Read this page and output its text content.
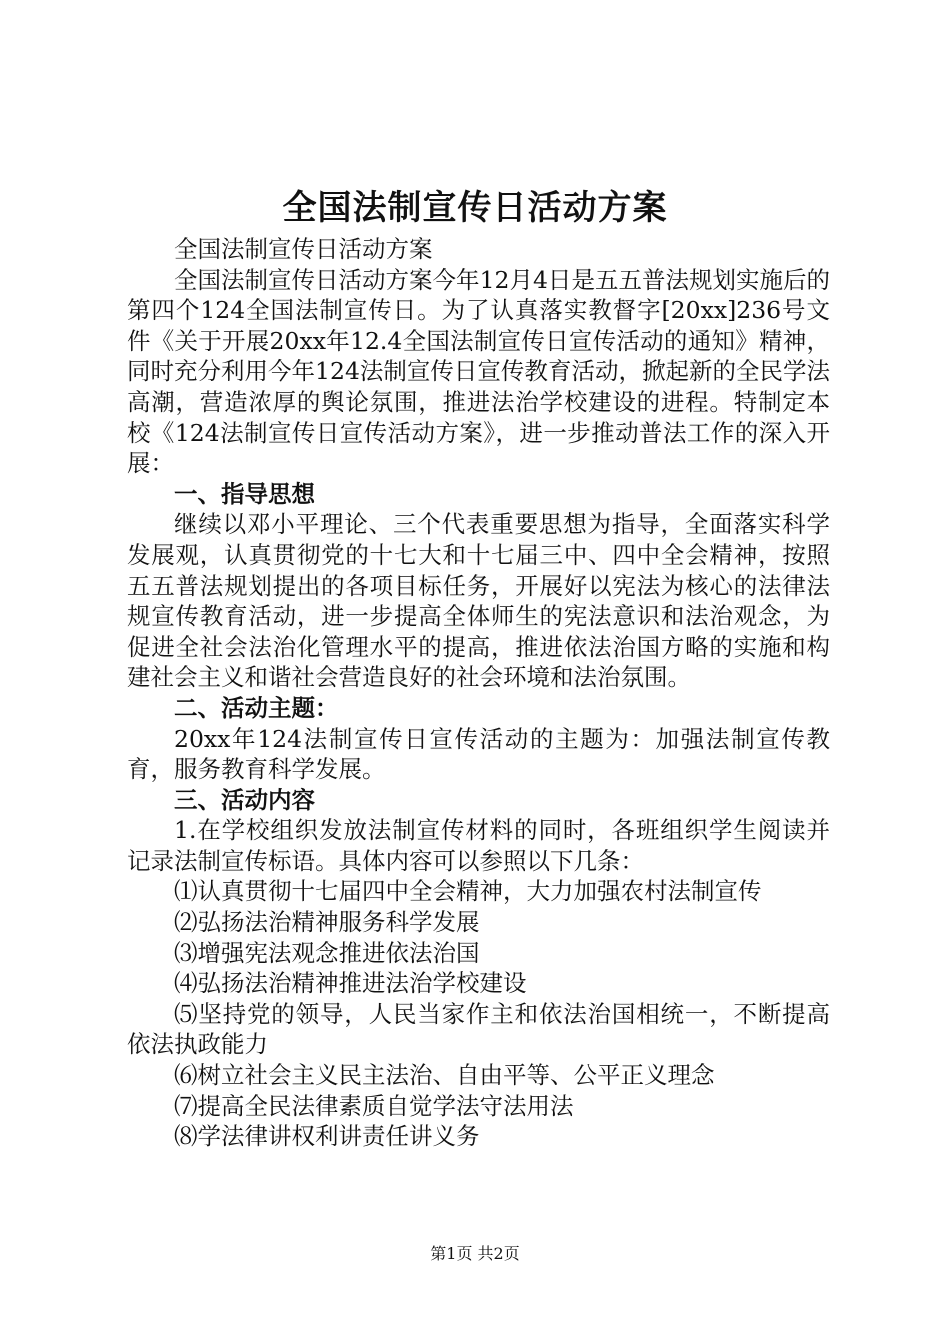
全国法制宣传日活动方案

全国法制宣传日活动方案

全国法制宣传日活动方案今年12月4日是五五普法规划实施后的第四个124全国法制宣传日。为了认真落实教督字[20xx]236号文件《关于开展20xx年12.4全国法制宣传日宣传活动的通知》精神，同时充分利用今年124法制宣传日宣传教育活动，掀起新的全民学法高潮，营造浓厚的舆论氛围，推进法治学校建设的进程。特制定本校《124法制宣传日宣传活动方案》，进一步推动普法工作的深入开展：

一、指导思想

继续以邓小平理论、三个代表重要思想为指导，全面落实科学发展观，认真贯彻党的十七大和十七届三中、四中全会精神，按照五五普法规划提出的各项目标任务，开展好以宪法为核心的法律法规宣传教育活动，进一步提高全体师生的宪法意识和法治观念，为促进全社会法治化管理水平的提高，推进依法治国方略的实施和构建社会主义和谐社会营造良好的社会环境和法治氛围。

二、活动主题：

20xx年124法制宣传日宣传活动的主题为：加强法制宣传教育，服务教育科学发展。

三、活动内容

1.在学校组织发放法制宣传材料的同时，各班组织学生阅读并记录法制宣传标语。具体内容可以参照以下几条：

⑴认真贯彻十七届四中全会精神，大力加强农村法制宣传

⑵弘扬法治精神服务科学发展

⑶增强宪法观念推进依法治国

⑷弘扬法治精神推进法治学校建设

⑸坚持党的领导，人民当家作主和依法治国相统一，不断提高依法执政能力

⑹树立社会主义民主法治、自由平等、公平正义理念

⑺提高全民法律素质自觉学法守法用法

⑻学法律讲权利讲责任讲义务

第1页 共2页
